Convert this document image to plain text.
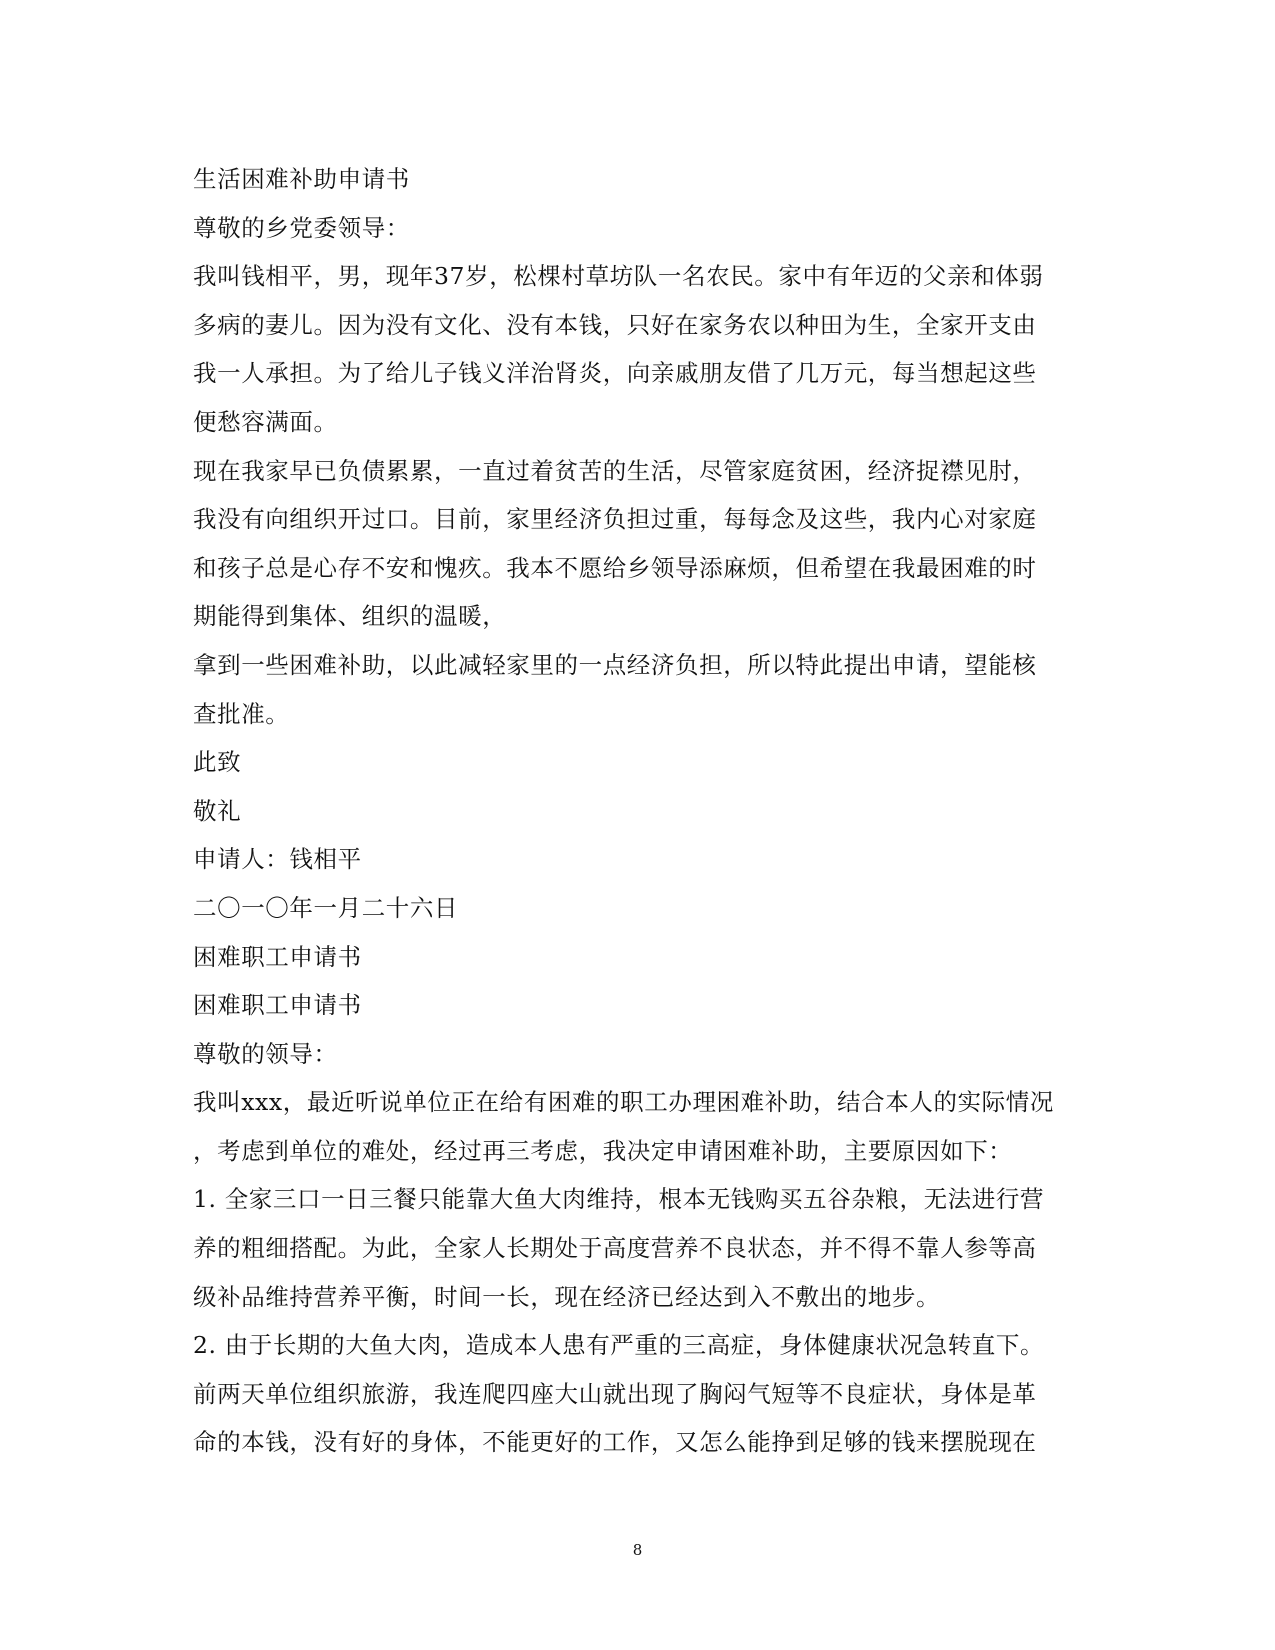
生活困难补助申请书
尊敬的乡党委领导：
我叫钱相平，男，现年37岁，松棵村草坊队一名农民。家中有年迈的父亲和体弱
多病的妻儿。因为没有文化、没有本钱，只好在家务农以种田为生，全家开支由
我一人承担。为了给儿子钱义洋治肾炎，向亲戚朋友借了几万元，每当想起这些
便愁容满面。
现在我家早已负债累累，一直过着贫苦的生活，尽管家庭贫困，经济捉襟见肘，
我没有向组织开过口。目前，家里经济负担过重，每每念及这些，我内心对家庭
和孩子总是心存不安和愧疚。我本不愿给乡领导添麻烦，但希望在我最困难的时
期能得到集体、组织的温暖，
拿到一些困难补助，以此减轻家里的一点经济负担，所以特此提出申请，望能核
查批准。
此致
敬礼
申请人：钱相平
二〇一〇年一月二十六日
困难职工申请书
困难职工申请书
尊敬的领导：
我叫xxx，最近听说单位正在给有困难的职工办理困难补助，结合本人的实际情况
，考虑到单位的难处，经过再三考虑，我决定申请困难补助，主要原因如下：
1. 全家三口一日三餐只能靠大鱼大肉维持，根本无钱购买五谷杂粮，无法进行营
养的粗细搭配。为此，全家人长期处于高度营养不良状态，并不得不靠人参等高
级补品维持营养平衡，时间一长，现在经济已经达到入不敷出的地步。
2. 由于长期的大鱼大肉，造成本人患有严重的三高症，身体健康状况急转直下。
前两天单位组织旅游，我连爬四座大山就出现了胸闷气短等不良症状，身体是革
命的本钱，没有好的身体，不能更好的工作，又怎么能挣到足够的钱来摆脱现在
8
